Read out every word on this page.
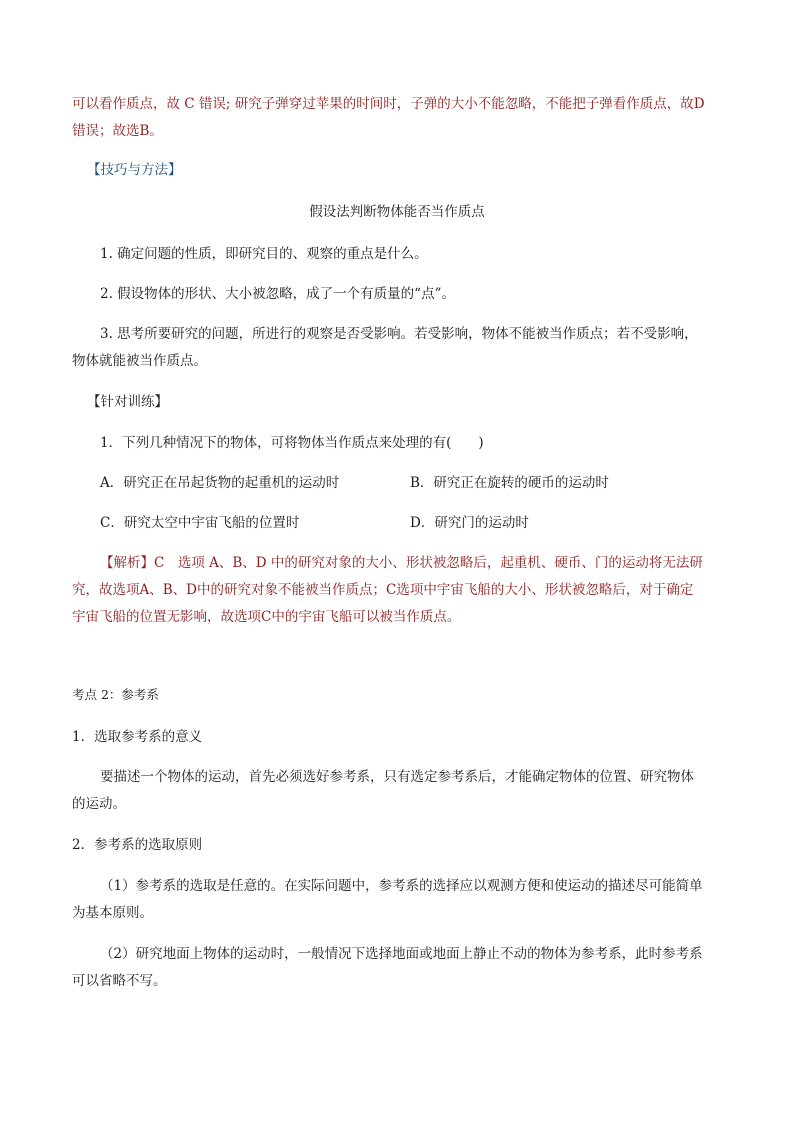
可以看作质点，故 C 错误; 研究子弹穿过苹果的时间时，子弹的大小不能忽略，不能把子弹看作质点，故D
错误；故选B。
【技巧与方法】
假设法判断物体能否当作质点
1. 确定问题的性质，即研究目的、观察的重点是什么。
2. 假设物体的形状、大小被忽略，成了一个有质量的“点”。
3. 思考所要研究的问题，所进行的观察是否受影响。若受影响，物体不能被当作质点；若不受影响，
物体就能被当作质点。
【针对训练】
1．下列几种情况下的物体，可将物体当作质点来处理的有(　　)
A．研究正在吊起货物的起重机的运动时	B．研究正在旋转的硬币的运动时
C．研究太空中宇宙飞船的位置时	D．研究门的运动时
【解析】C　选项 A、B、D 中的研究对象的大小、形状被忽略后，起重机、硬币、门的运动将无法研
究，故选项A、B、D中的研究对象不能被当作质点；C选项中宇宙飞船的大小、形状被忽略后，对于确定
宇宙飞船的位置无影响，故选项C中的宇宙飞船可以被当作质点。
考点 2：参考系
1．选取参考系的意义
要描述一个物体的运动，首先必须选好参考系，只有选定参考系后，才能确定物体的位置、研究物体
的运动。
2．参考系的选取原则
（1）参考系的选取是任意的。在实际问题中，参考系的选择应以观测方便和使运动的描述尽可能简单
为基本原则。
（2）研究地面上物体的运动时，一般情况下选择地面或地面上静止不动的物体为参考系，此时参考系
可以省略不写。
